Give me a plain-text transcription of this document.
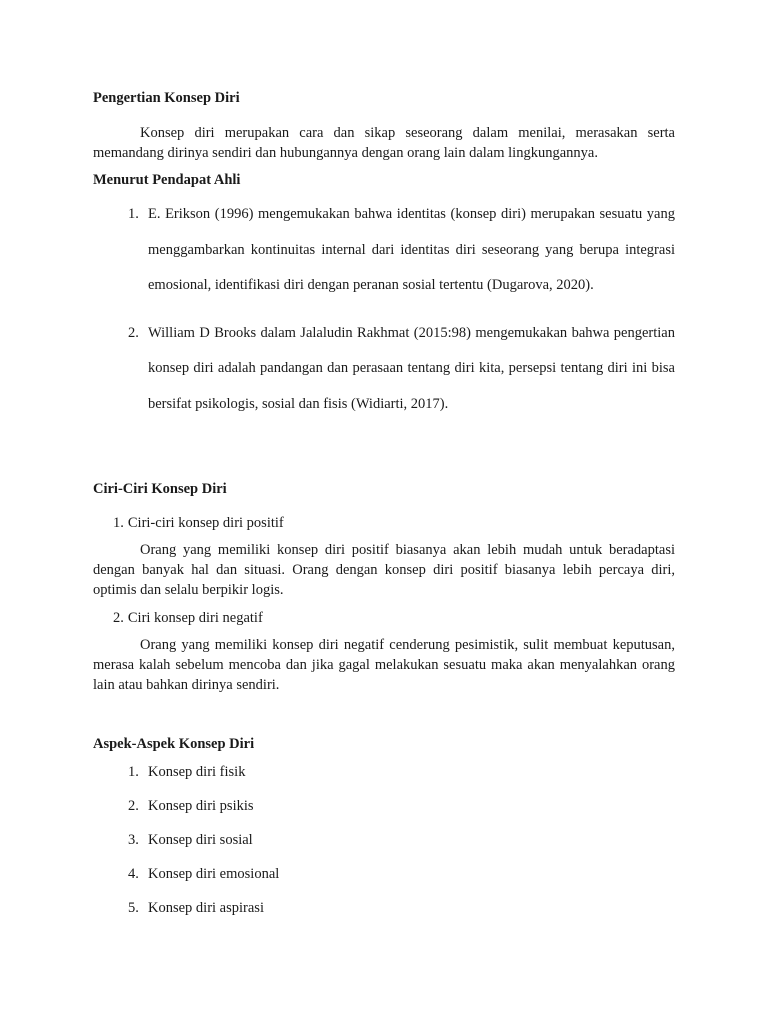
Pengertian Konsep Diri

Konsep diri merupakan cara dan sikap seseorang dalam menilai, merasakan serta memandang dirinya sendiri dan hubungannya dengan orang lain dalam lingkungannya.

Menurut Pendapat Ahli
1. E. Erikson (1996) mengemukakan bahwa identitas (konsep diri) merupakan sesuatu yang menggambarkan kontinuitas internal dari identitas diri seseorang yang berupa integrasi emosional, identifikasi diri dengan peranan sosial tertentu (Dugarova, 2020).
2. William D Brooks dalam Jalaludin Rakhmat (2015:98) mengemukakan bahwa pengertian konsep diri adalah pandangan dan perasaan tentang diri kita, persepsi tentang diri ini bisa bersifat psikologis, sosial dan fisis (Widiarti, 2017).
Ciri-Ciri Konsep Diri

1. Ciri-ciri konsep diri positif

Orang yang memiliki konsep diri positif biasanya akan lebih mudah untuk beradaptasi dengan banyak hal dan situasi. Orang dengan konsep diri positif biasanya lebih percaya diri, optimis dan selalu berpikir logis.

2. Ciri konsep diri negatif

Orang yang memiliki konsep diri negatif cenderung pesimistik, sulit membuat keputusan, merasa kalah sebelum mencoba dan jika gagal melakukan sesuatu maka akan menyalahkan orang lain atau bahkan dirinya sendiri.

Aspek-Aspek Konsep Diri
1. Konsep diri fisik
2. Konsep diri psikis
3. Konsep diri sosial
4. Konsep diri emosional
5. Konsep diri aspirasi
